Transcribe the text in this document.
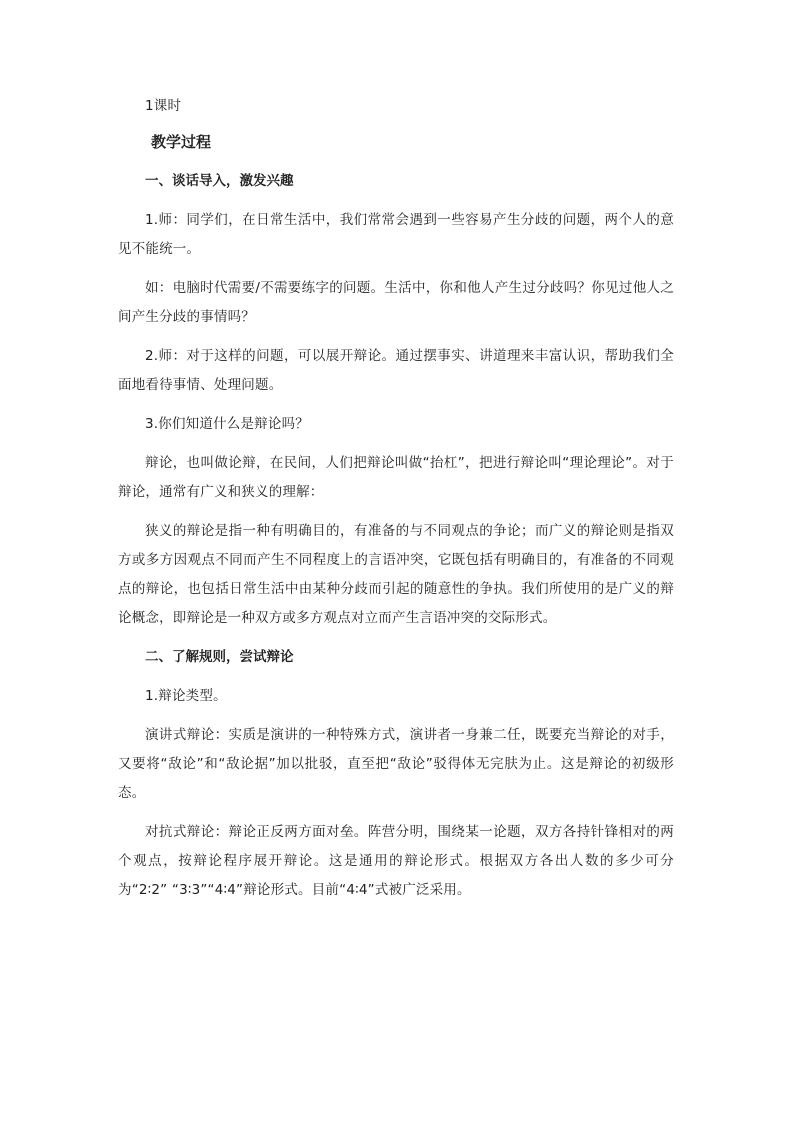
1课时

教学过程

一、谈话导入，激发兴趣

1.师：同学们，在日常生活中，我们常常会遇到一些容易产生分歧的问题，两个人的意见不能统一。

如：电脑时代需要/不需要练字的问题。生活中，你和他人产生过分歧吗？你见过他人之间产生分歧的事情吗？

2.师：对于这样的问题，可以展开辩论。通过摆事实、讲道理来丰富认识，帮助我们全面地看待事情、处理问题。

3.你们知道什么是辩论吗？

辩论，也叫做论辩，在民间，人们把辩论叫做“抬杠”，把进行辩论叫“理论理论”。对于辩论，通常有广义和狭义的理解：

狭义的辩论是指一种有明确目的，有准备的与不同观点的争论；而广义的辩论则是指双方或多方因观点不同而产生不同程度上的言语冲突，它既包括有明确目的，有准备的不同观点的辩论，也包括日常生活中由某种分歧而引起的随意性的争执。我们所使用的是广义的辩论概念，即辩论是一种双方或多方观点对立而产生言语冲突的交际形式。

二、了解规则，尝试辩论

1.辩论类型。

演讲式辩论：实质是演讲的一种特殊方式，演讲者一身兼二任，既要充当辩论的对手，又要将“敌论”和“敌论据”加以批驳，直至把“敌论”驳得体无完肤为止。这是辩论的初级形态。

对抗式辩论：辩论正反两方面对垒。阵营分明，围绕某一论题，双方各持针锋相对的两个观点，按辩论程序展开辩论。这是通用的辩论形式。根据双方各出人数的多少可分为“2∶2” “3∶3”“4∶4”辩论形式。目前“4∶4”式被广泛采用。
